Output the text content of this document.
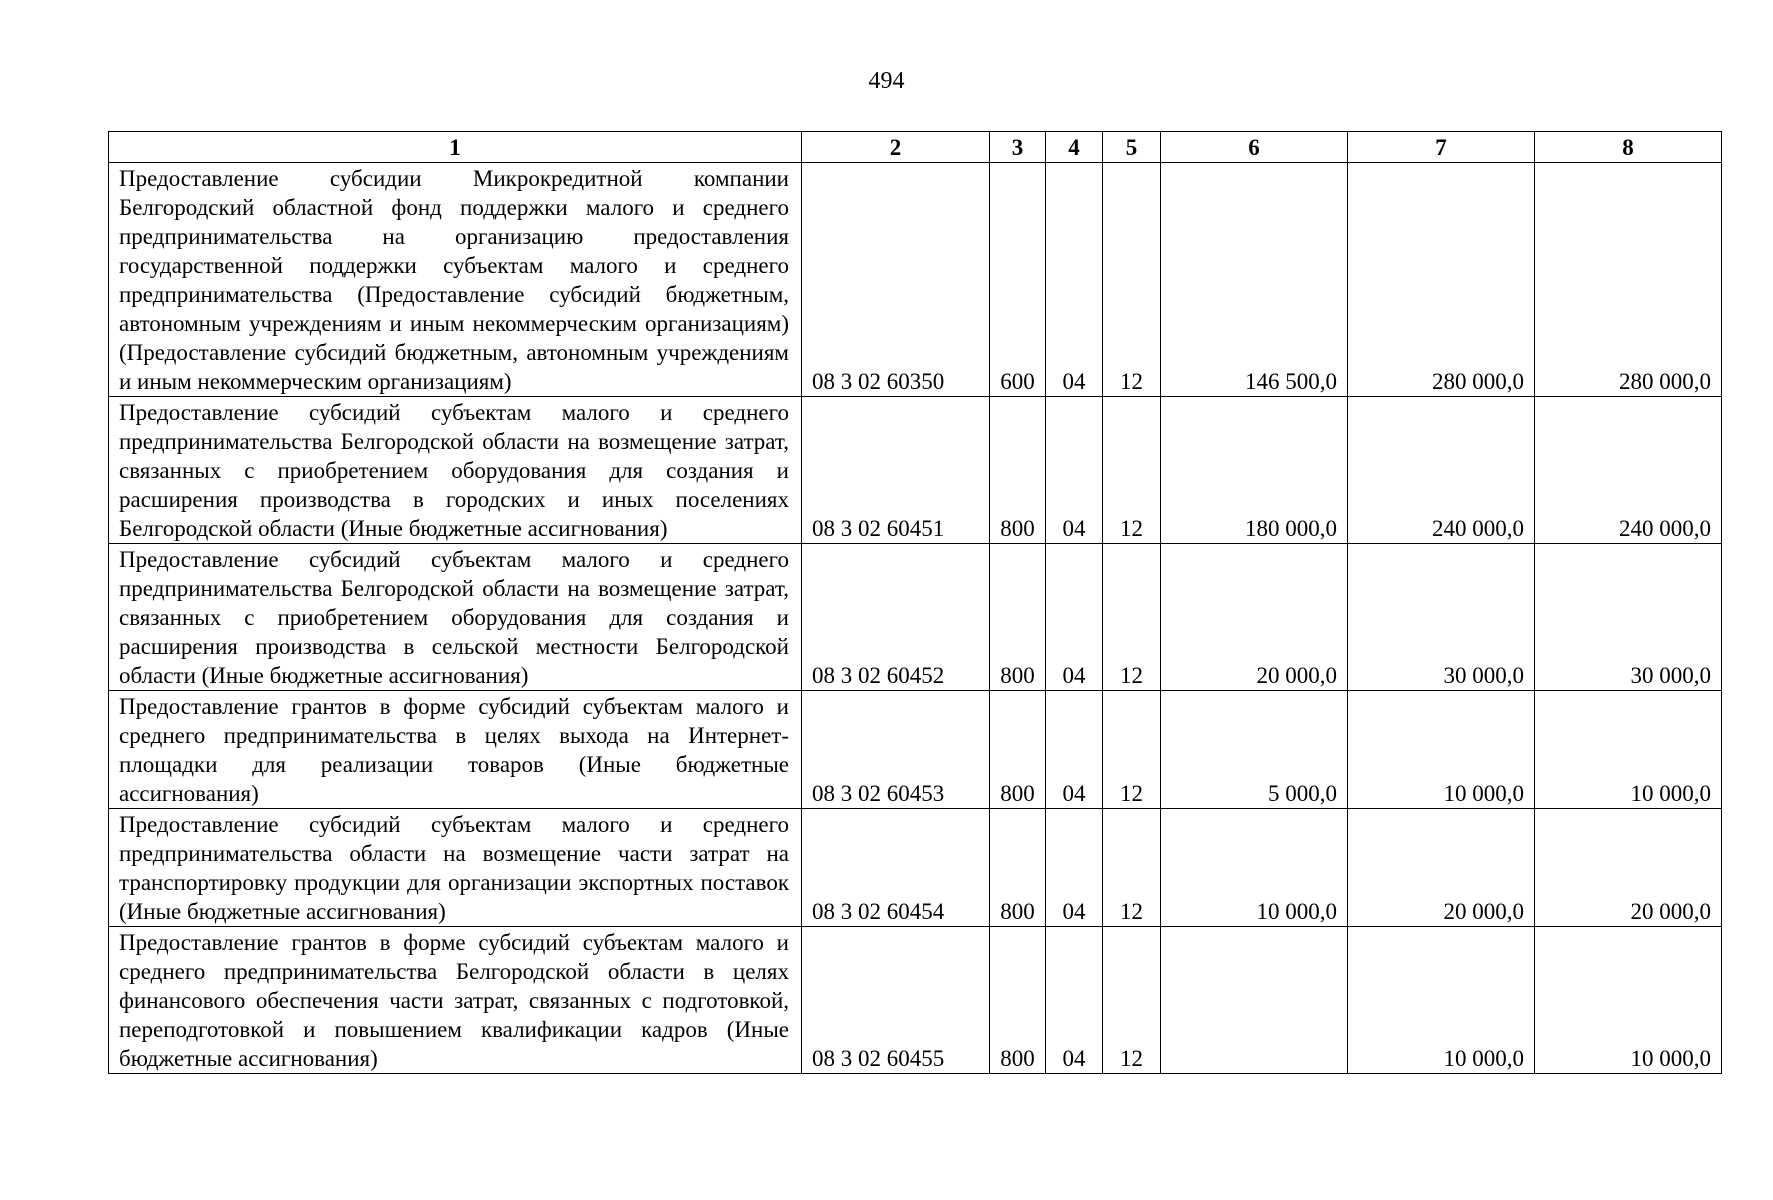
494
1	2	3	4	5	6	7	8
Предоставление субсидии Микрокредитной компании Белгородский областной фонд поддержки малого и среднего предпринимательства на организацию предоставления государственной поддержки субъектам малого и среднего предпринимательства (Предоставление субсидий бюджетным, автономным учреждениям и иным некоммерческим организациям) (Предоставление субсидий бюджетным, автономным учреждениям и иным некоммерческим организациям)	08 3 02 60350	600	04	12	146 500,0	280 000,0	280 000,0
Предоставление субсидий субъектам малого и среднего предпринимательства Белгородской области на возмещение затрат, связанных с приобретением оборудования для создания и расширения производства в городских и иных поселениях Белгородской области (Иные бюджетные ассигнования)	08 3 02 60451	800	04	12	180 000,0	240 000,0	240 000,0
Предоставление субсидий субъектам малого и среднего предпринимательства Белгородской области на возмещение затрат, связанных с приобретением оборудования для создания и расширения производства в сельской местности Белгородской области (Иные бюджетные ассигнования)	08 3 02 60452	800	04	12	20 000,0	30 000,0	30 000,0
Предоставление грантов в форме субсидий субъектам малого и среднего предпринимательства в целях выхода на Интернет-площадки для реализации товаров (Иные бюджетные ассигнования)	08 3 02 60453	800	04	12	5 000,0	10 000,0	10 000,0
Предоставление субсидий субъектам малого и среднего предпринимательства области на возмещение части затрат на транспортировку продукции для организации экспортных поставок (Иные бюджетные ассигнования)	08 3 02 60454	800	04	12	10 000,0	20 000,0	20 000,0
Предоставление грантов в форме субсидий субъектам малого и среднего предпринимательства Белгородской области в целях финансового обеспечения части затрат, связанных с подготовкой, переподготовкой и повышением квалификации кадров (Иные бюджетные ассигнования)	08 3 02 60455	800	04	12		10 000,0	10 000,0
